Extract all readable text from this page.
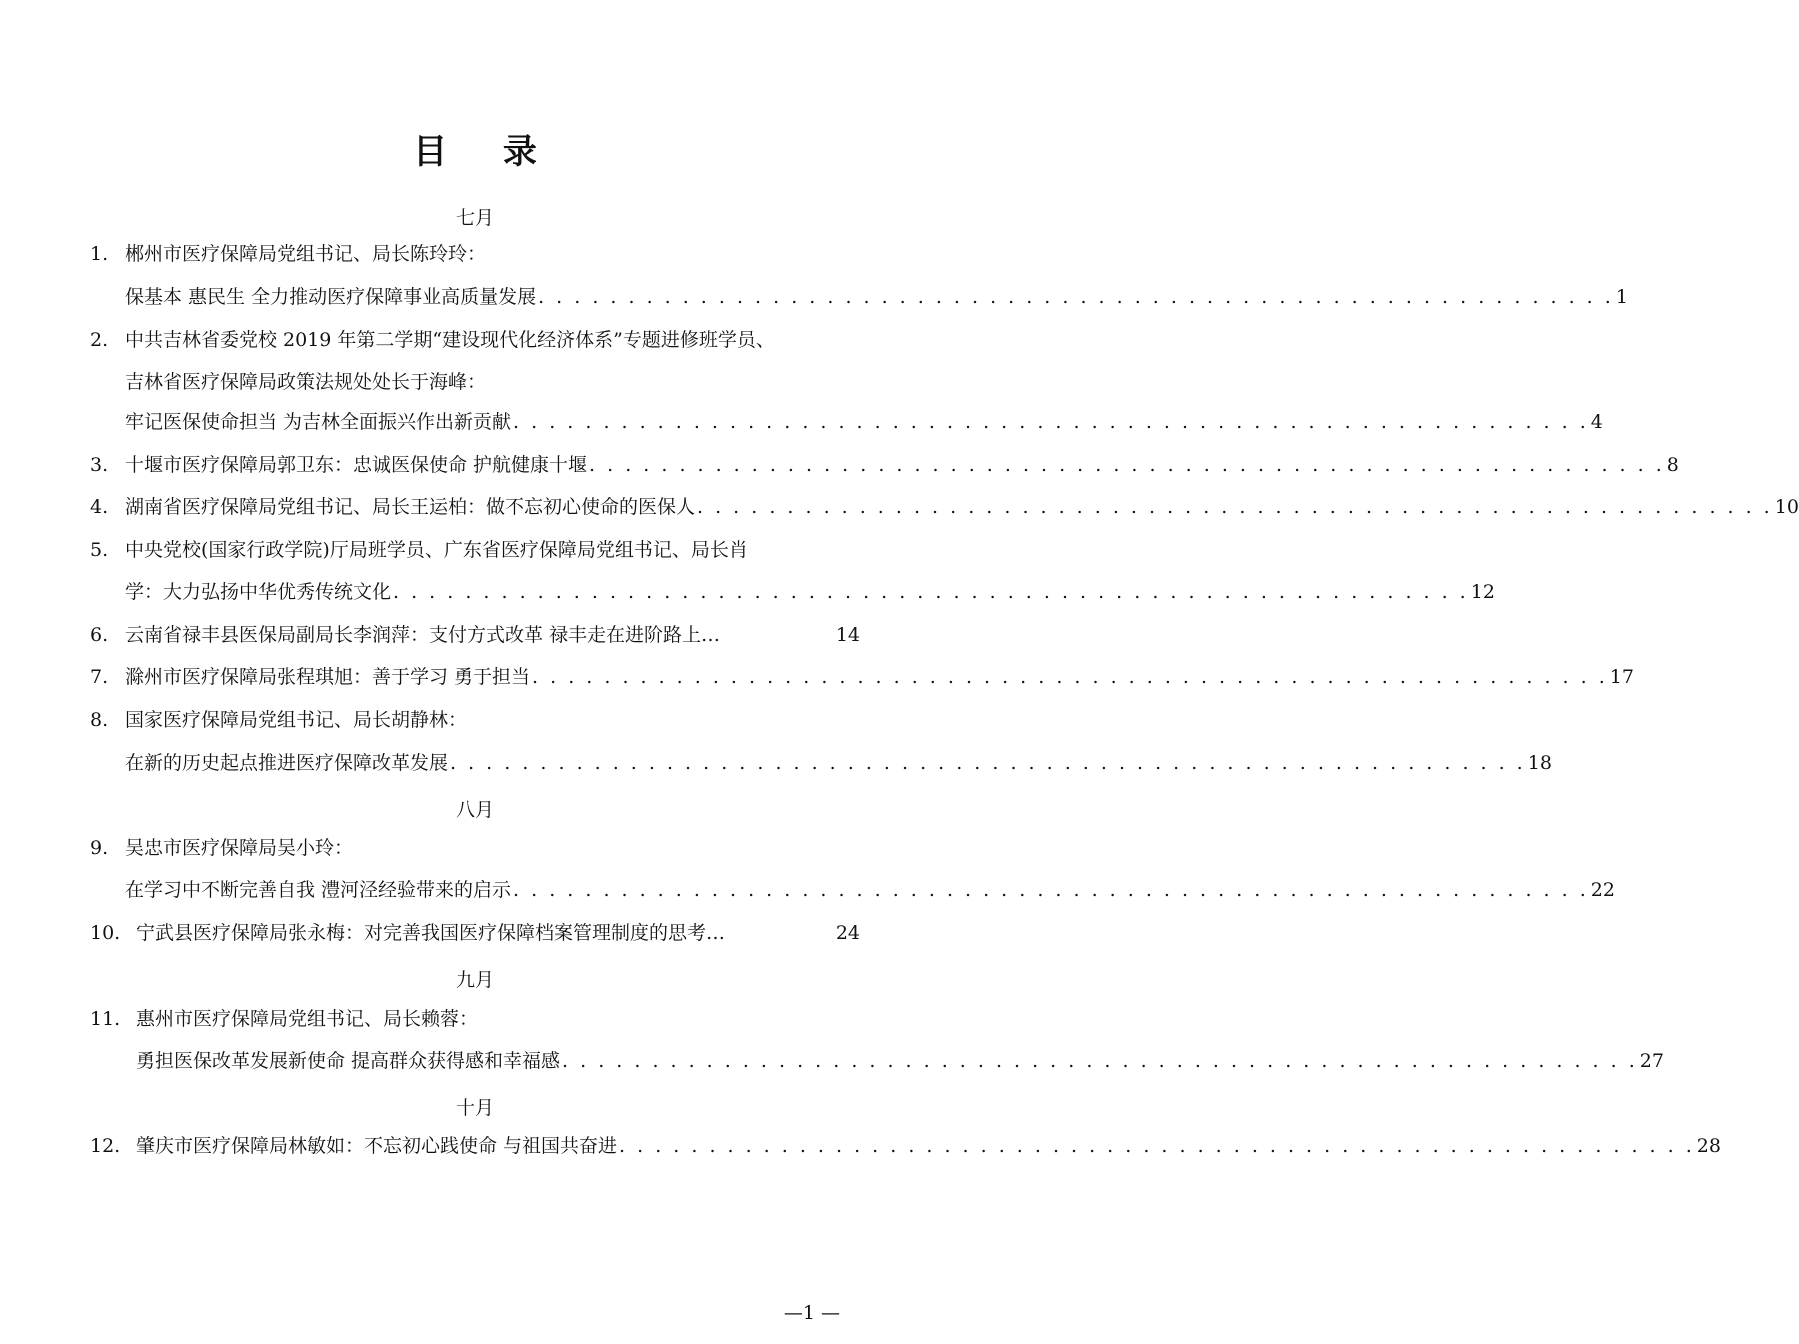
目 录
七月
1. 郴州市医疗保障局党组书记、局长陈玲玲：
保基本 惠民生 全力推动医疗保障事业高质量发展 . . . . . . . . . . . . . . . . . . . . . . . . . . . . . . . . . . . . . . . . . . . . . . . . . . . . . . . . . . . . 1
2. 中共吉林省委党校 2019 年第二学期“建设现代化经济体系”专题进修班学员、
吉林省医疗保障局政策法规处处长于海峰：
牢记医保使命担当 为吉林全面振兴作出新贡献 . . . . . . . . . . . . . . . . . . . . . . . . . . . . . . . . . . . . . . . . . . . . . . . . . . . . . . . . . . . . 4
3. 十堰市医疗保障局郭卫东：忠诚医保使命 护航健康十堰 . . . . . . . . . . . . . . . . . . . . . . . . . . . . . . . . . . . . . . . . . . . . . . . . . . . . . . . . . . . . 8
4. 湖南省医疗保障局党组书记、局长王运柏：做不忘初心使命的医保人 . . . . . . . . . . . . . . . . . . . . . . . . . . . . . . . . . . . . . . . . . . . . . . . . . . . . . . . . . . . . 10
5. 中央党校(国家行政学院)厅局班学员、广东省医疗保障局党组书记、局长肖
学：大力弘扬中华优秀传统文化 . . . . . . . . . . . . . . . . . . . . . . . . . . . . . . . . . . . . . . . . . . . . . . . . . . . . . . . . . . . . 12
6. 云南省禄丰县医保局副局长李润萍：支付方式改革 禄丰走在进阶路上…	14
7. 滁州市医疗保障局张程琪旭：善于学习 勇于担当 . . . . . . . . . . . . . . . . . . . . . . . . . . . . . . . . . . . . . . . . . . . . . . . . . . . . . . . . . . . . 17
8. 国家医疗保障局党组书记、局长胡静林：
在新的历史起点推进医疗保障改革发展 . . . . . . . . . . . . . . . . . . . . . . . . . . . . . . . . . . . . . . . . . . . . . . . . . . . . . . . . . . . . 18
八月
9. 吴忠市医疗保障局吴小玲：
在学习中不断完善自我 澧河泾经验带来的启示 . . . . . . . . . . . . . . . . . . . . . . . . . . . . . . . . . . . . . . . . . . . . . . . . . . . . . . . . . . . . 22
10. 宁武县医疗保障局张永梅：对完善我国医疗保障档案管理制度的思考…	24
九月
11. 惠州市医疗保障局党组书记、局长赖蓉：
勇担医保改革发展新使命 提高群众获得感和幸福感 . . . . . . . . . . . . . . . . . . . . . . . . . . . . . . . . . . . . . . . . . . . . . . . . . . . . . . . . . . . . 27
十月
12. 肇庆市医疗保障局林敏如：不忘初心践使命 与祖国共奋进 . . . . . . . . . . . . . . . . . . . . . . . . . . . . . . . . . . . . . . . . . . . . . . . . . . . . . . . . . . . . 28
—1 —
